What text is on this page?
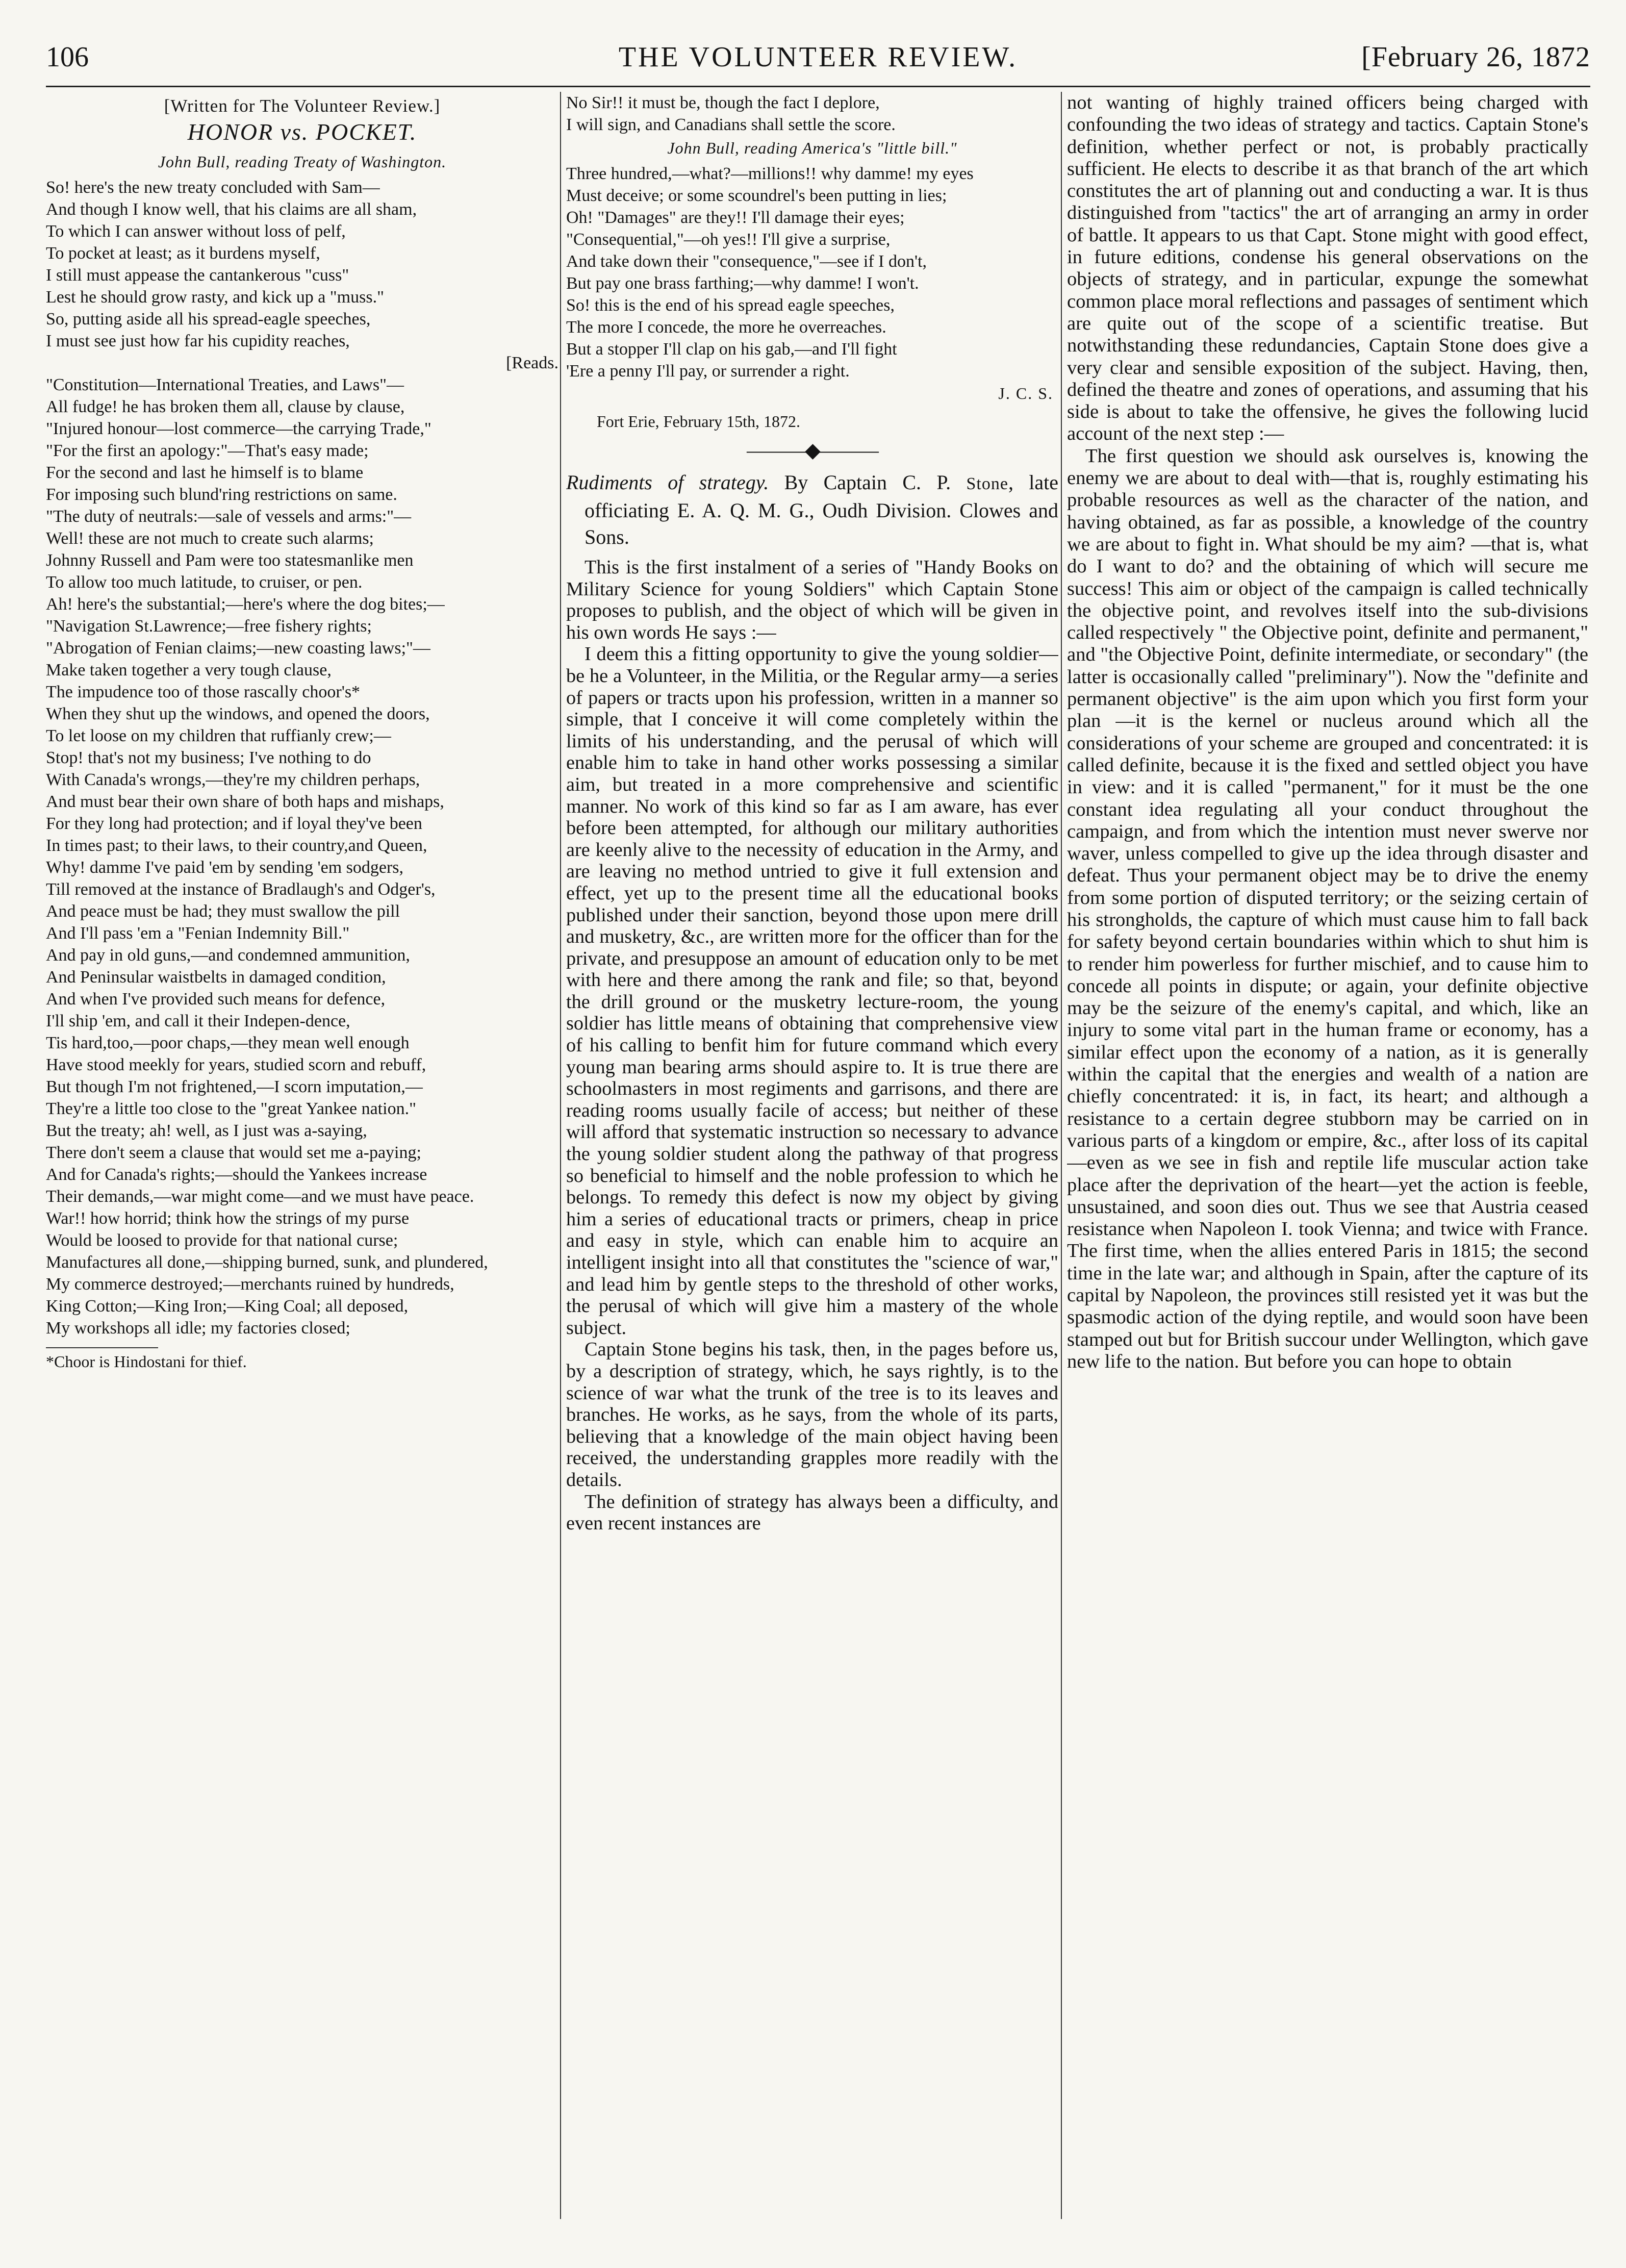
106	THE VOLUNTEER REVIEW.	[February 26, 1872
[Written for The Volunteer Review.]
HONOR vs. POCKET.
John Bull, reading Treaty of Washington.

So! here's the new treaty concluded with Sam—

And though I know well, that his claims are all sham,

To which I can answer without loss of pelf,

To pocket at least; as it burdens myself,

I still must appease the cantankerous "cuss"

Lest he should grow rasty, and kick up a "muss."

So, putting aside all his spread-eagle speeches,

I must see just how far his cupidity reaches,

[Reads.

"Constitution—International Treaties, and Laws"—

All fudge! he has broken them all, clause by clause,

"Injured honour—lost commerce—the carrying Trade,"

"For the first an apology:"—That's easy made;

For the second and last he himself is to blame

For imposing such blund'ring restrictions on same.

"The duty of neutrals:—sale of vessels and arms:"—

Well! these are not much to create such alarms;

Johnny Russell and Pam were too statesmanlike men

To allow too much latitude, to cruiser, or pen.

Ah! here's the substantial;—here's where the dog bites;—

"Navigation St.Lawrence;—free fishery rights;

"Abrogation of Fenian claims;—new coasting laws;"—

Make taken together a very tough clause,

The impudence too of those rascally choor's*

When they shut up the windows, and opened the doors,

To let loose on my children that ruffianly crew;—

Stop! that's not my business; I've nothing to do

With Canada's wrongs,—they're my children perhaps,

And must bear their own share of both haps and mishaps,

For they long had protection; and if loyal they've been

In times past; to their laws, to their country,and Queen,

Why! damme I've paid 'em by sending 'em sodgers,

Till removed at the instance of Bradlaugh's and Odger's,

And peace must be had; they must swallow the pill

And I'll pass 'em a "Fenian Indemnity Bill."

And pay in old guns,—and condemned ammunition,

And Peninsular waistbelts in damaged condition,

And when I've provided such means for defence,

I'll ship 'em, and call it their Indepen-dence,

Tis hard,too,—poor chaps,—they mean well enough

Have stood meekly for years, studied scorn and rebuff,

But though I'm not frightened,—I scorn imputation,—

They're a little too close to the "great Yankee nation."

But the treaty; ah! well, as I just was a-saying,

There don't seem a clause that would set me a-paying;

And for Canada's rights;—should the Yankees increase

Their demands,—war might come—and we must have peace.

War!! how horrid; think how the strings of my purse

Would be loosed to provide for that national curse;

Manufactures all done,—shipping burned, sunk, and plundered,

My commerce destroyed;—merchants ruined by hundreds,

King Cotton;—King Iron;—King Coal; all deposed,

My workshops all idle; my factories closed;

*Choor is Hindostani for thief.

No Sir!! it must be, though the fact I deplore,

I will sign, and Canadians shall settle the score.

John Bull, reading America's "little bill."

Three hundred,—what?—millions!! why damme! my eyes

Must deceive; or some scoundrel's been putting in lies;

Oh! "Damages" are they!! I'll damage their eyes;

"Consequential,"—oh yes!! I'll give a surprise,

And take down their "consequence,"—see if I don't,

But pay one brass farthing;—why damme! I won't.

So! this is the end of his spread eagle speeches,

The more I concede, the more he overreaches.

But a stopper I'll clap on his gab,—and I'll fight

'Ere a penny I'll pay, or surrender a right.

J. C. S.
Fort Erie, February 15th, 1872.
———◆———

Rudiments of strategy. By Captain C. P. Stone, late officiating E. A. Q. M. G., Oudh Division. Clowes and Sons.

This is the first instalment of a series of "Handy Books on Military Science for young Soldiers" which Captain Stone proposes to publish, and the object of which will be given in his own words He says :—

I deem this a fitting opportunity to give the young soldier—be he a Volunteer, in the Militia, or the Regular army—a series of papers or tracts upon his profession, written in a manner so simple, that I conceive it will come completely within the limits of his understanding, and the perusal of which will enable him to take in hand other works possessing a similar aim, but treated in a more comprehensive and scientific manner. No work of this kind so far as I am aware, has ever before been attempted, for although our military authorities are keenly alive to the necessity of education in the Army, and are leaving no method untried to give it full extension and effect, yet up to the present time all the educational books published under their sanction, beyond those upon mere drill and musketry, &c., are written more for the officer than for the private, and presuppose an amount of education only to be met with here and there among the rank and file; so that, beyond the drill ground or the musketry lecture-room, the young soldier has little means of obtaining that comprehensive view of his calling to benfit him for future command which every young man bearing arms should aspire to. It is true there are schoolmasters in most regiments and garrisons, and there are reading rooms usually facile of access; but neither of these will afford that systematic instruction so necessary to advance the young soldier student along the pathway of that progress so beneficial to himself and the noble profession to which he belongs. To remedy this defect is now my object by giving him a series of educational tracts or primers, cheap in price and easy in style, which can enable him to acquire an intelligent insight into all that constitutes the "science of war," and lead him by gentle steps to the threshold of other works, the perusal of which will give him a mastery of the whole subject.

Captain Stone begins his task, then, in the pages before us, by a description of strategy, which, he says rightly, is to the science of war what the trunk of the tree is to its leaves and branches. He works, as he says, from the whole of its parts, believing that a knowledge of the main object having been received, the understanding grapples more readily with the details.

The definition of strategy has always been a difficulty, and even recent instances are

not wanting of highly trained officers being charged with confounding the two ideas of strategy and tactics. Captain Stone's definition, whether perfect or not, is probably practically sufficient. He elects to describe it as that branch of the art which constitutes the art of planning out and conducting a war. It is thus distinguished from "tactics" the art of arranging an army in order of battle. It appears to us that Capt. Stone might with good effect, in future editions, condense his general observations on the objects of strategy, and in particular, expunge the somewhat common place moral reflections and passages of sentiment which are quite out of the scope of a scientific treatise. But notwithstanding these redundancies, Captain Stone does give a very clear and sensible exposition of the subject. Having, then, defined the theatre and zones of operations, and assuming that his side is about to take the offensive, he gives the following lucid account of the next step :—

The first question we should ask ourselves is, knowing the enemy we are about to deal with—that is, roughly estimating his probable resources as well as the character of the nation, and having obtained, as far as possible, a knowledge of the country we are about to fight in. What should be my aim? —that is, what do I want to do? and the obtaining of which will secure me success! This aim or object of the campaign is called technically the objective point, and revolves itself into the sub-divisions called respectively " the Objective point, definite and permanent," and "the Objective Point, definite intermediate, or secondary" (the latter is occasionally called "preliminary"). Now the "definite and permanent objective" is the aim upon which you first form your plan —it is the kernel or nucleus around which all the considerations of your scheme are grouped and concentrated: it is called definite, because it is the fixed and settled object you have in view: and it is called "permanent," for it must be the one constant idea regulating all your conduct throughout the campaign, and from which the intention must never swerve nor waver, unless compelled to give up the idea through disaster and defeat. Thus your permanent object may be to drive the enemy from some portion of disputed territory; or the seizing certain of his strongholds, the capture of which must cause him to fall back for safety beyond certain boundaries within which to shut him is to render him powerless for further mischief, and to cause him to concede all points in dispute; or again, your definite objective may be the seizure of the enemy's capital, and which, like an injury to some vital part in the human frame or economy, has a similar effect upon the economy of a nation, as it is generally within the capital that the energies and wealth of a nation are chiefly concentrated: it is, in fact, its heart; and although a resistance to a certain degree stubborn may be carried on in various parts of a kingdom or empire, &c., after loss of its capital—even as we see in fish and reptile life muscular action take place after the deprivation of the heart—yet the action is feeble, unsustained, and soon dies out. Thus we see that Austria ceased resistance when Napoleon I. took Vienna; and twice with France. The first time, when the allies entered Paris in 1815; the second time in the late war; and although in Spain, after the capture of its capital by Napoleon, the provinces still resisted yet it was but the spasmodic action of the dying reptile, and would soon have been stamped out but for British succour under Wellington, which gave new life to the nation. But before you can hope to obtain
